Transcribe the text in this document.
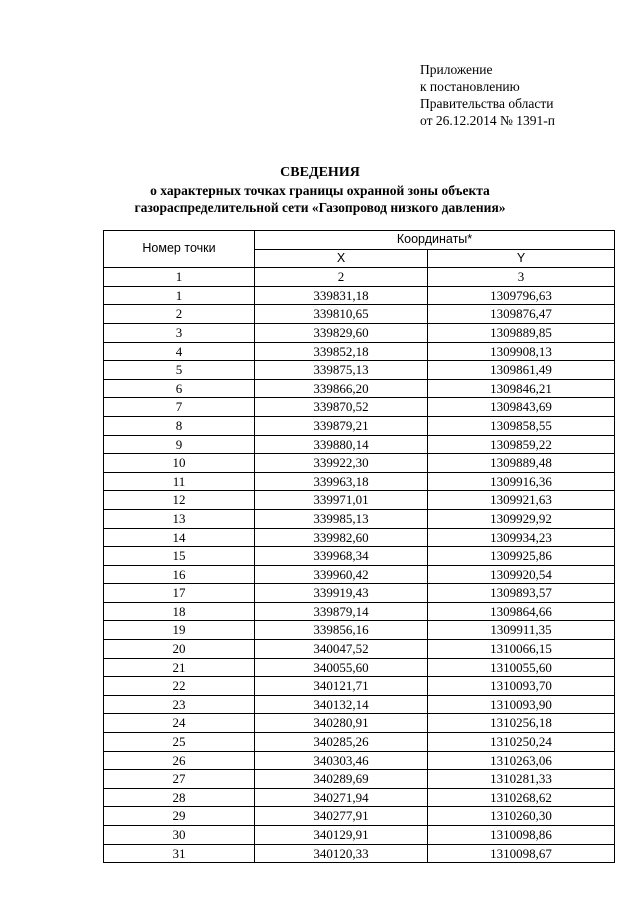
Приложение
к постановлению
Правительства области
от 26.12.2014 № 1391-п
СВЕДЕНИЯ
о характерных точках границы охранной зоны объекта
газораспределительной сети «Газопровод низкого давления»
Номер точки	Координаты*	
	X	Y
1	2	3
1	339831,18	1309796,63
2	339810,65	1309876,47
3	339829,60	1309889,85
4	339852,18	1309908,13
5	339875,13	1309861,49
6	339866,20	1309846,21
7	339870,52	1309843,69
8	339879,21	1309858,55
9	339880,14	1309859,22
10	339922,30	1309889,48
11	339963,18	1309916,36
12	339971,01	1309921,63
13	339985,13	1309929,92
14	339982,60	1309934,23
15	339968,34	1309925,86
16	339960,42	1309920,54
17	339919,43	1309893,57
18	339879,14	1309864,66
19	339856,16	1309911,35
20	340047,52	1310066,15
21	340055,60	1310055,60
22	340121,71	1310093,70
23	340132,14	1310093,90
24	340280,91	1310256,18
25	340285,26	1310250,24
26	340303,46	1310263,06
27	340289,69	1310281,33
28	340271,94	1310268,62
29	340277,91	1310260,30
30	340129,91	1310098,86
31	340120,33	1310098,67
